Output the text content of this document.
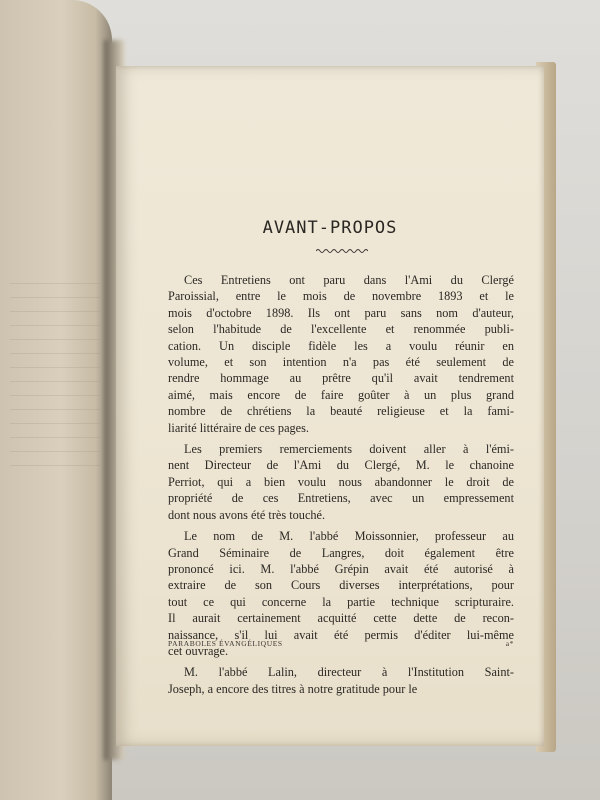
AVANT-PROPOS

Ces Entretiens ont paru dans l'Ami du Clergé
Paroissial, entre le mois de novembre 1893 et le
mois d'octobre 1898. Ils ont paru sans nom d'auteur,
selon l'habitude de l'excellente et renommée publi-
cation. Un disciple fidèle les a voulu réunir en
volume, et son intention n'a pas été seulement de
rendre hommage au prêtre qu'il avait tendrement
aimé, mais encore de faire goûter à un plus grand
nombre de chrétiens la beauté religieuse et la fami-
liarité littéraire de ces pages.

Les premiers remerciements doivent aller à l'émi-
nent Directeur de l'Ami du Clergé, M. le chanoine
Perriot, qui a bien voulu nous abandonner le droit de
propriété de ces Entretiens, avec un empressement
dont nous avons été très touché.

Le nom de M. l'abbé Moissonnier, professeur au
Grand Séminaire de Langres, doit également être
prononcé ici. M. l'abbé Grépin avait été autorisé à
extraire de son Cours diverses interprétations, pour
tout ce qui concerne la partie technique scripturaire.
Il aurait certainement acquitté cette dette de recon-
naissance, s'il lui avait été permis d'éditer lui-même
cet ouvrage.

M. l'abbé Lalin, directeur à l'Institution Saint-
Joseph, a encore des titres à notre gratitude pour le

PARABOLES ÉVANGÉLIQUES	a*
